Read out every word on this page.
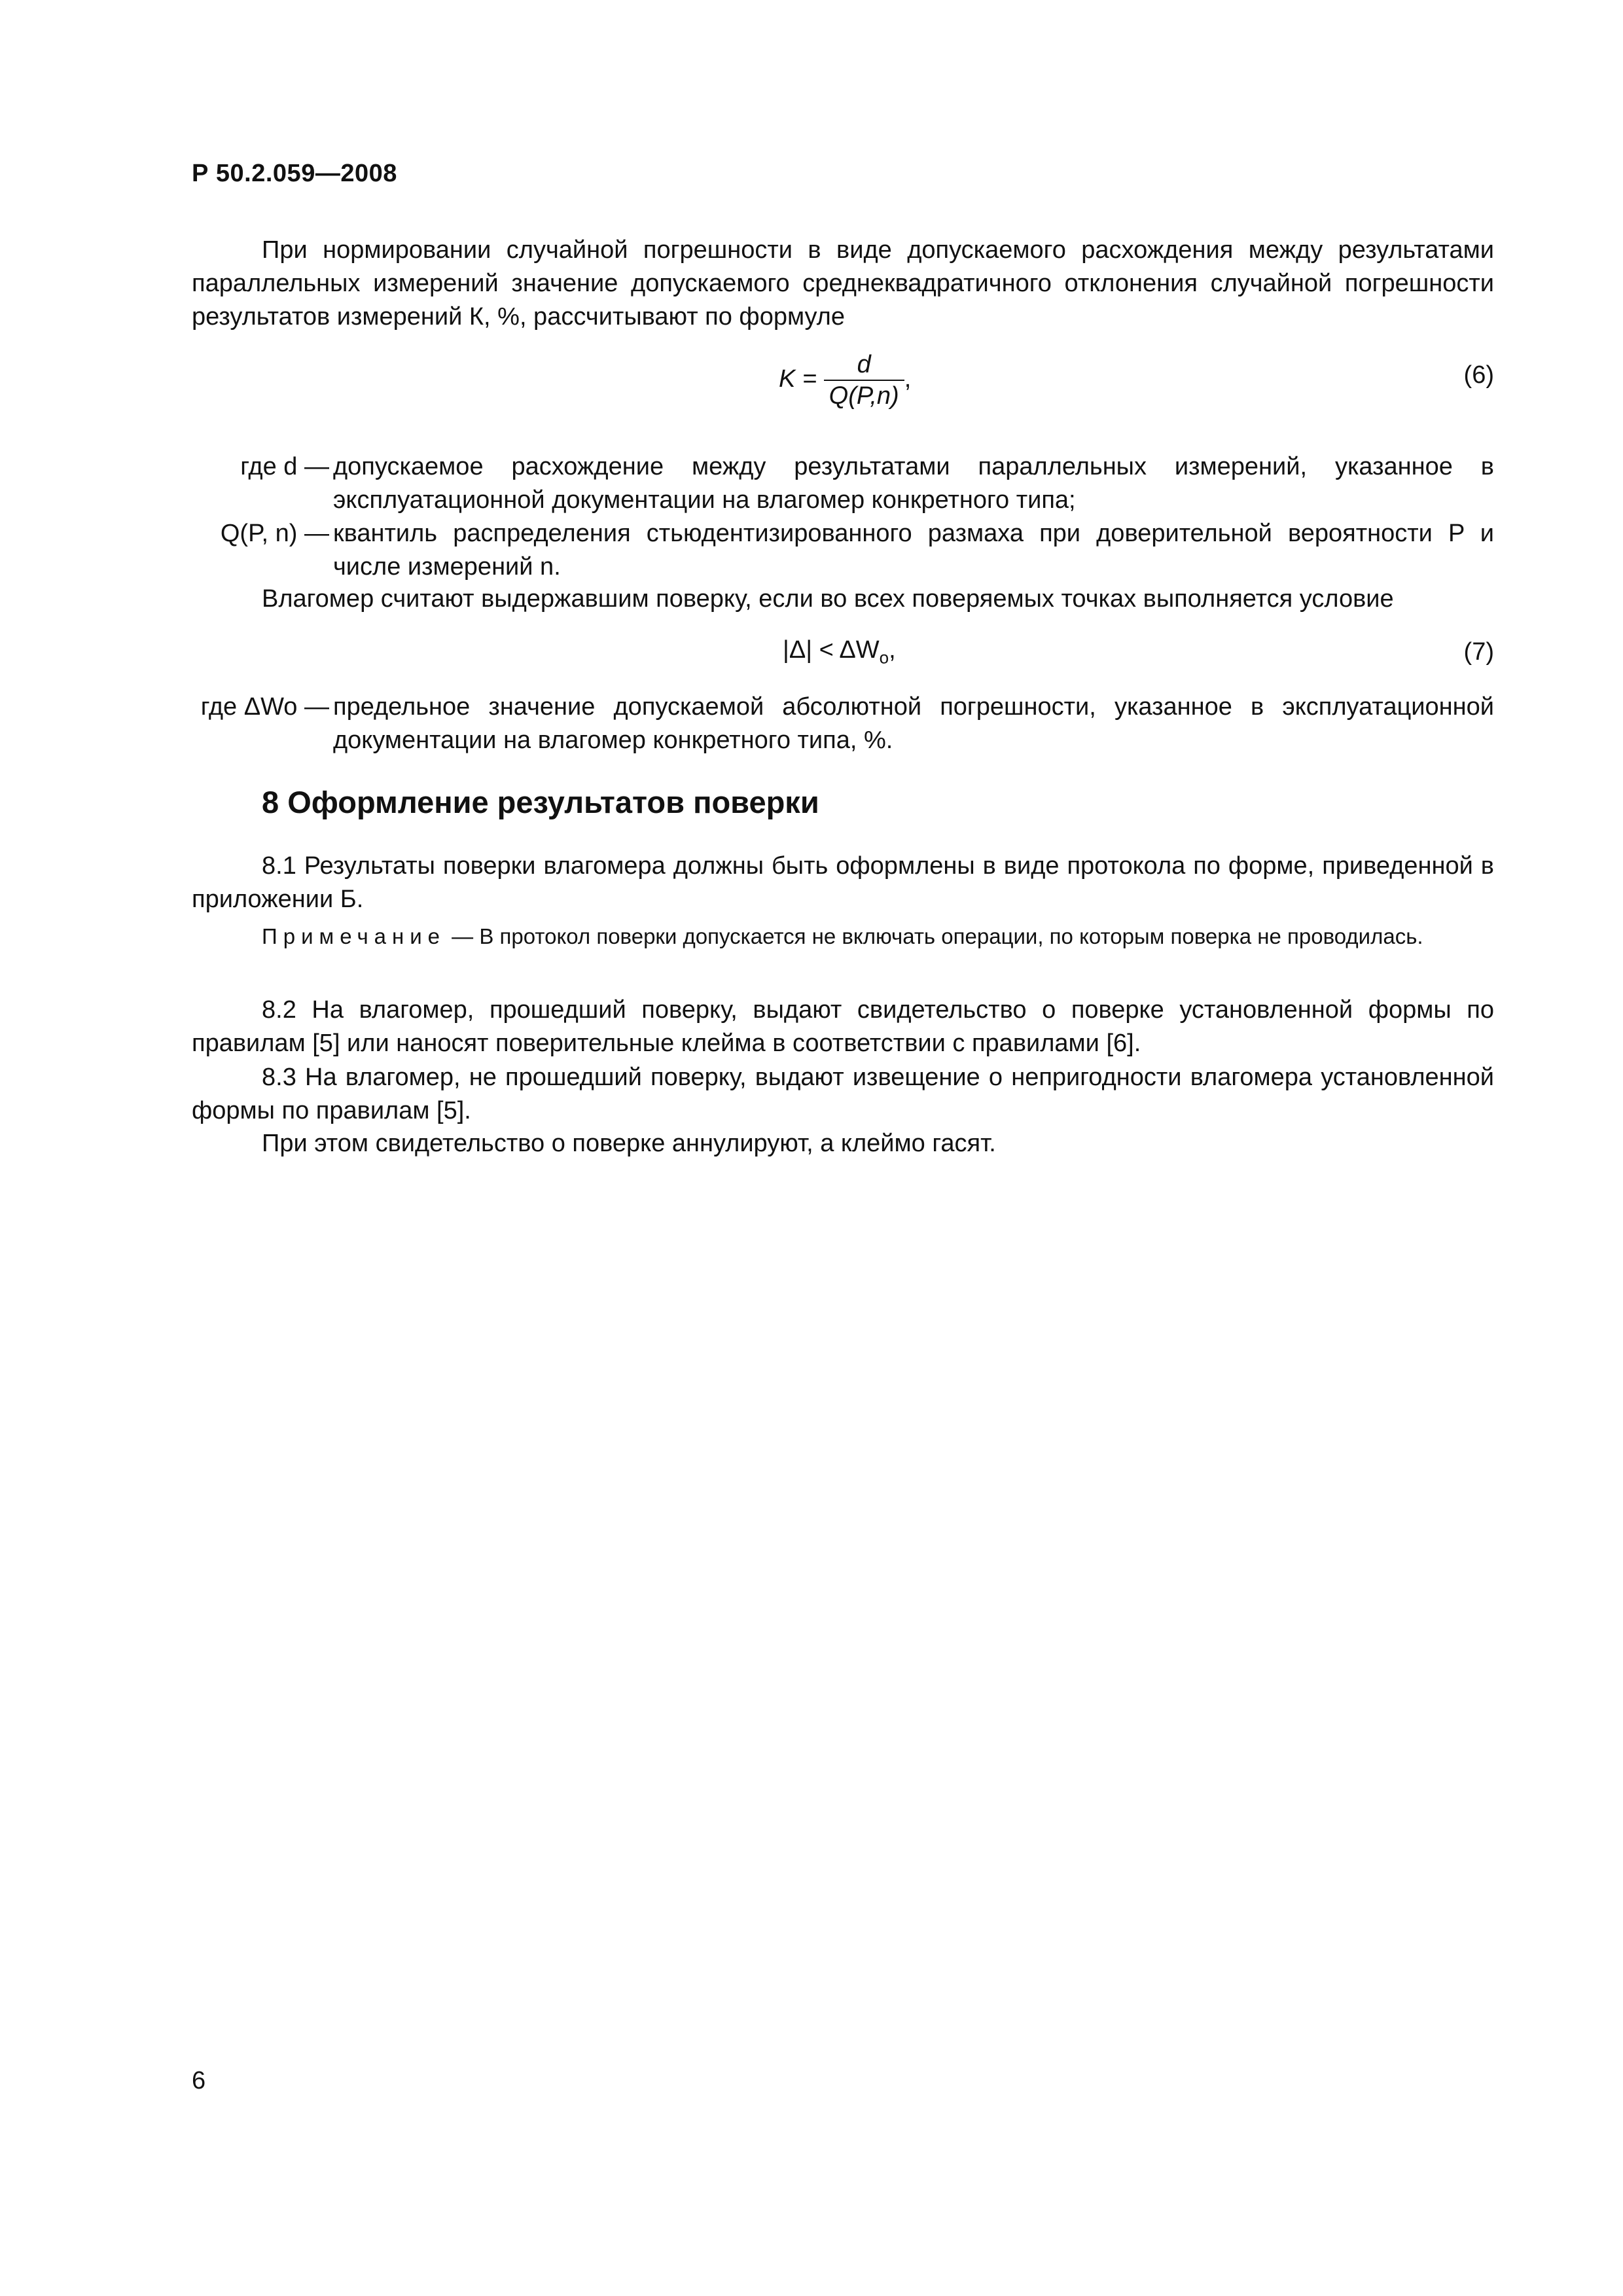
Р 50.2.059—2008

При нормировании случайной погрешности в виде допускаемого расхождения между результатами параллельных измерений значение допускаемого среднеквадратичного отклонения случайной погрешности результатов измерений К, %, рассчитывают по формуле

$K = \frac{d}{Q(P,n)}$ ,	(6)
где d — допускаемое расхождение между результатами параллельных измерений, указанное в эксплуатационной документации на влагомер конкретного типа;
Q(P, n) — квантиль распределения стьюдентизированного размаха при доверительной вероятности P и числе измерений n.

Влагомер считают выдержавшим поверку, если во всех поверяемых точках выполняется условие

$|\Delta| < \Delta W_o$,	(7)
где ΔWo — предельное значение допускаемой абсолютной погрешности, указанное в эксплуатационной документации на влагомер конкретного типа, %.
8 Оформление результатов поверки

8.1 Результаты поверки влагомера должны быть оформлены в виде протокола по форме, приведенной в приложении Б.

Примечание — В протокол поверки допускается не включать операции, по которым поверка не проводилась.

8.2 На влагомер, прошедший поверку, выдают свидетельство о поверке установленной формы по правилам [5] или наносят поверительные клейма в соответствии с правилами [6].

8.3 На влагомер, не прошедший поверку, выдают извещение о непригодности влагомера установленной формы по правилам [5].

При этом свидетельство о поверке аннулируют, а клеймо гасят.

6
